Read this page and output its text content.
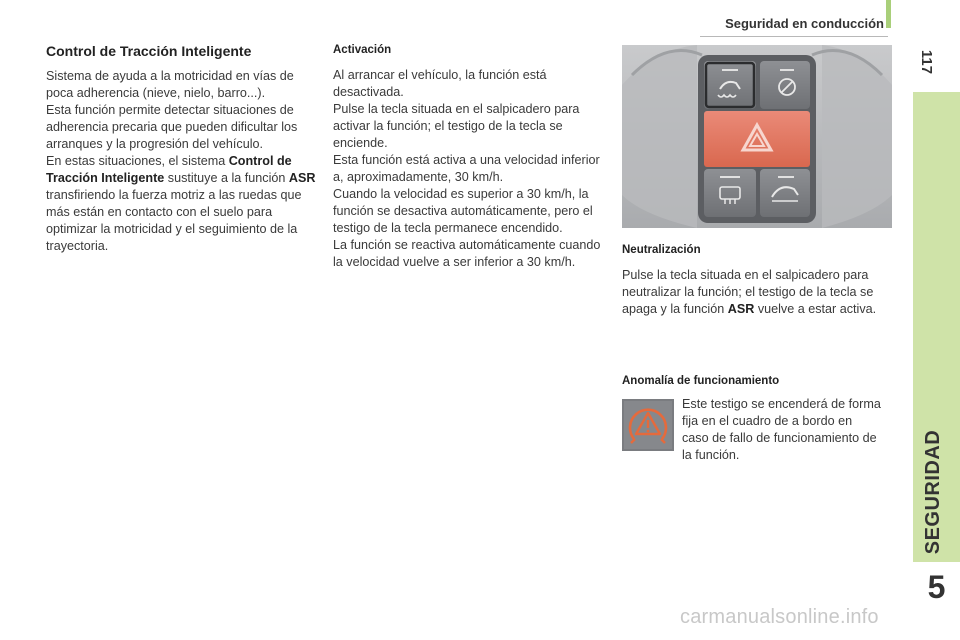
Seguridad en conducción
117
SEGURIDAD
5
Control de Tracción Inteligente

Sistema de ayuda a la motricidad en vías de poca adherencia (nieve, nielo, barro...).

Esta función permite detectar situaciones de adherencia precaria que pueden dificultar los arranques y la progresión del vehículo.

En estas situaciones, el sistema Control de Tracción Inteligente sustituye a la función ASR transfiriendo la fuerza motriz a las ruedas que más están en contacto con el suelo para optimizar la motricidad y el seguimiento de la trayectoria.

Activación

Al arrancar el vehículo, la función está desactivada.

Pulse la tecla situada en el salpicadero para activar la función; el testigo de la tecla se enciende.

Esta función está activa a una velocidad inferior a, aproximadamente, 30 km/h.

Cuando la velocidad es superior a 30 km/h, la función se desactiva automáticamente, pero el testigo de la tecla permanece encendido.

La función se reactiva automáticamente cuando la velocidad vuelve a ser inferior a 30 km/h.

Neutralización

Pulse la tecla situada en el salpicadero para neutralizar la función; el testigo de la tecla se apaga y la función ASR vuelve a estar activa.

Anomalía de funcionamiento
Este testigo se encenderá de forma fija en el cuadro de a bordo en caso de fallo de funcionamiento de la función.
carmanualsonline.info
